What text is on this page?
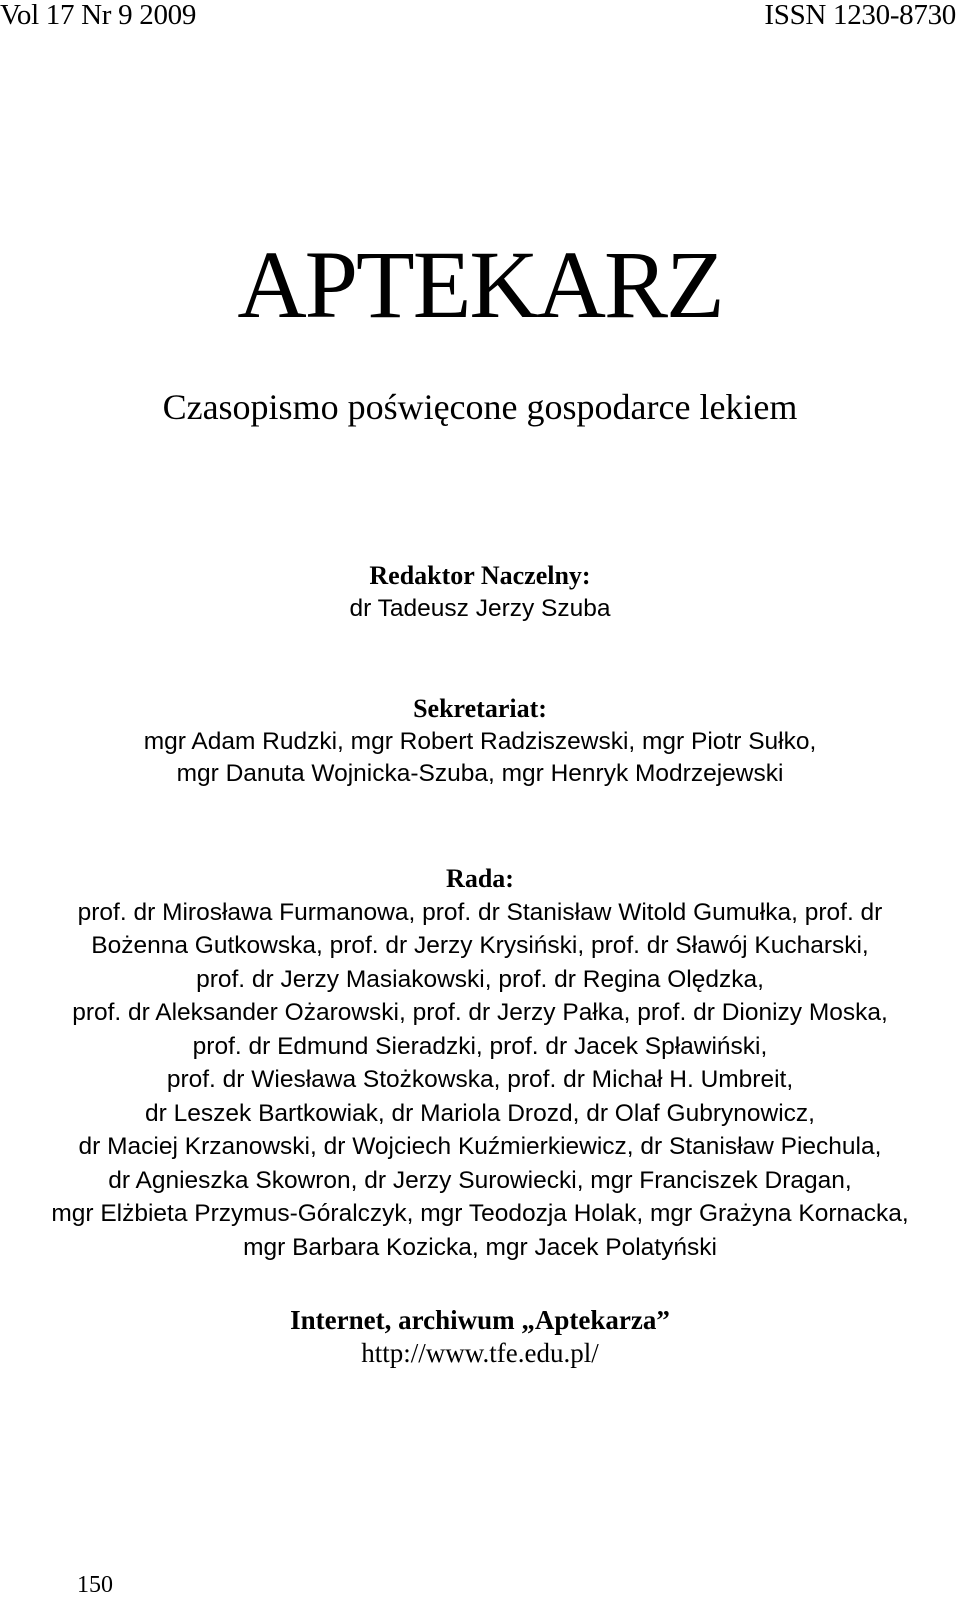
Vol 17 Nr 9 2009	ISSN 1230-8730
APTEKARZ
Czasopismo poświęcone gospodarce lekiem
Redaktor Naczelny:
dr Tadeusz Jerzy Szuba
Sekretariat:
mgr Adam Rudzki, mgr Robert Radziszewski, mgr Piotr Sułko,
mgr Danuta Wojnicka-Szuba, mgr Henryk Modrzejewski
Rada:
prof. dr Mirosława Furmanowa, prof. dr Stanisław Witold Gumułka, prof. dr
Bożenna Gutkowska, prof. dr Jerzy Krysiński, prof. dr Sławój Kucharski,
prof. dr Jerzy Masiakowski, prof. dr Regina Olędzka,
prof. dr Aleksander Ożarowski, prof. dr Jerzy Pałka, prof. dr Dionizy Moska,
prof. dr Edmund Sieradzki, prof. dr Jacek Spławiński,
prof. dr Wiesława Stożkowska, prof. dr Michał H. Umbreit,
dr Leszek Bartkowiak, dr Mariola Drozd, dr Olaf Gubrynowicz,
dr Maciej Krzanowski, dr Wojciech Kuźmierkiewicz, dr Stanisław Piechula,
dr Agnieszka Skowron, dr Jerzy Surowiecki, mgr Franciszek Dragan,
mgr Elżbieta Przymus-Góralczyk, mgr Teodozja Holak, mgr Grażyna Kornacka,
mgr Barbara Kozicka, mgr Jacek Polatyński
Internet, archiwum „Aptekarza”
http://www.tfe.edu.pl/
150
